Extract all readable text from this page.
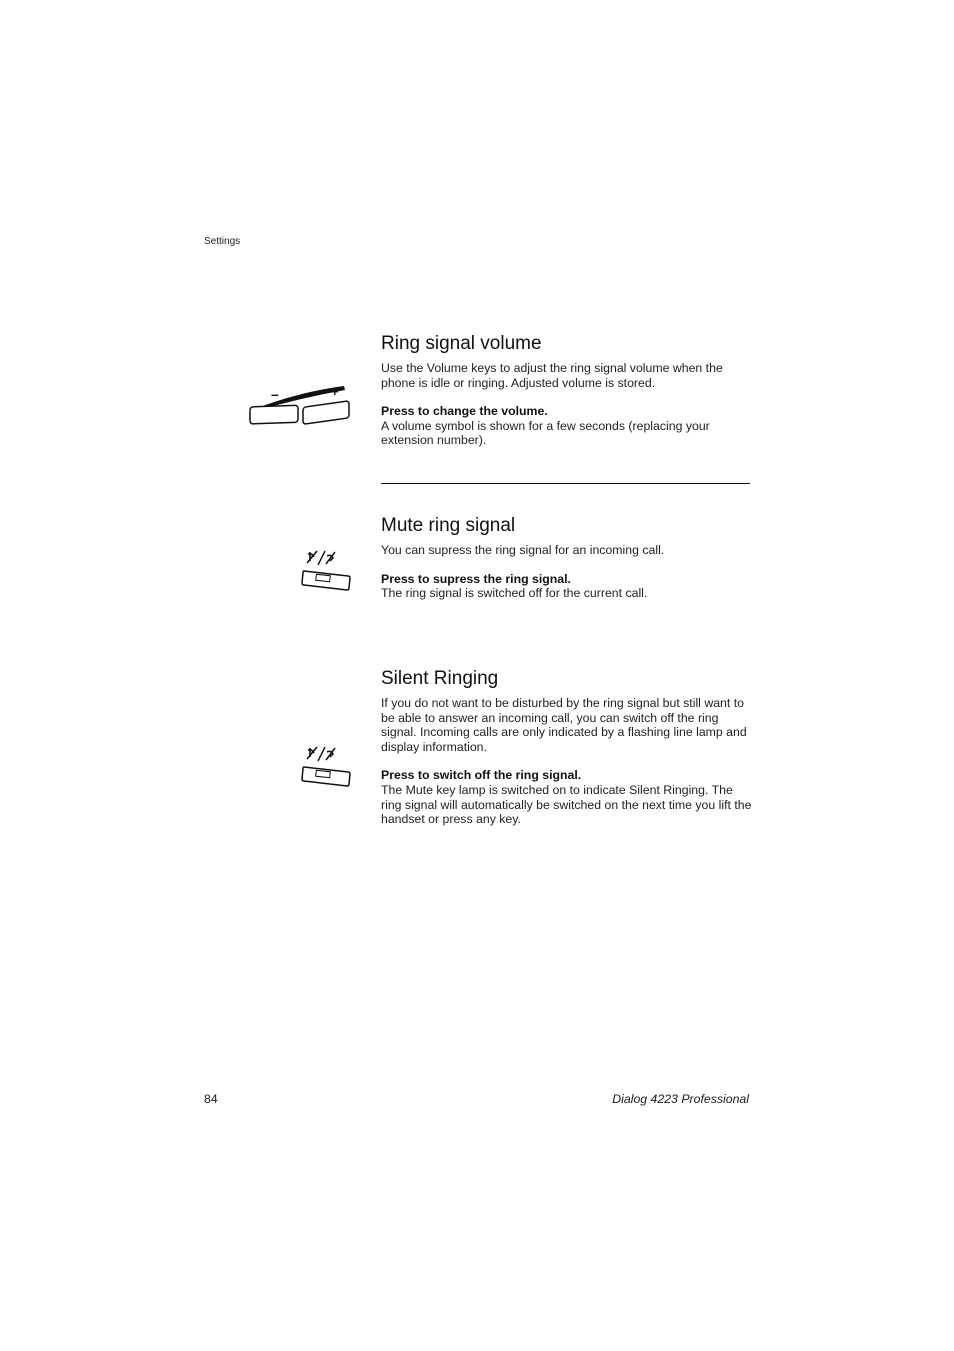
Settings
–	+
Ring signal volume

Use the Volume keys to adjust the ring signal volume when the phone is idle or ringing. Adjusted volume is stored.

Press to change the volume.

A volume symbol is shown for a few seconds (replacing your extension number).

Mute ring signal

You can supress the ring signal for an incoming call.

Press to supress the ring signal.

The ring signal is switched off for the current call.

Silent Ringing

If you do not want to be disturbed by the ring signal but still want to be able to answer an incoming call, you can switch off the ring signal. Incoming calls are only indicated by a flashing line lamp and display information.

Press to switch off the ring signal.

The Mute key lamp is switched on to indicate Silent Ringing. The ring signal will automatically be switched on the next time you lift the handset or press any key.

84	Dialog 4223 Professional
